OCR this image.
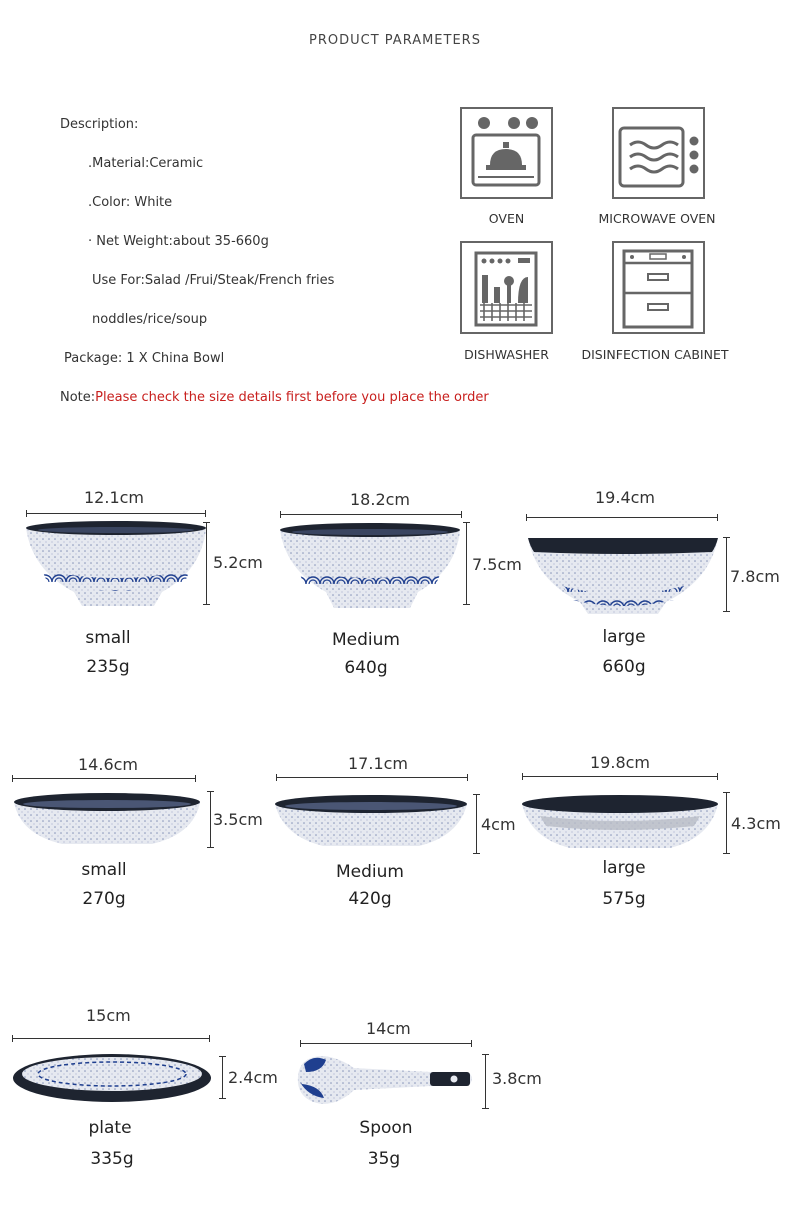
PRODUCT PARAMETERS
Description:
.Material:Ceramic
.Color: White
· Net Weight:about 35-660g
Use For:Salad /Frui/Steak/French fries
noddles/rice/soup
Package: 1 X China Bowl
Note:Please check the size details first before you place the order
OVEN	MICROWAVE OVEN
DISHWASHER	DISINFECTION CABINET
12.1cm
5.2cm
small
235g
18.2cm
7.5cm
Medium
640g
19.4cm
7.8cm
large
660g
14.6cm
3.5cm
small
270g
17.1cm
4cm
Medium
420g
19.8cm
4.3cm
large
575g
15cm
2.4cm
plate
335g
14cm
3.8cm
Spoon
35g
